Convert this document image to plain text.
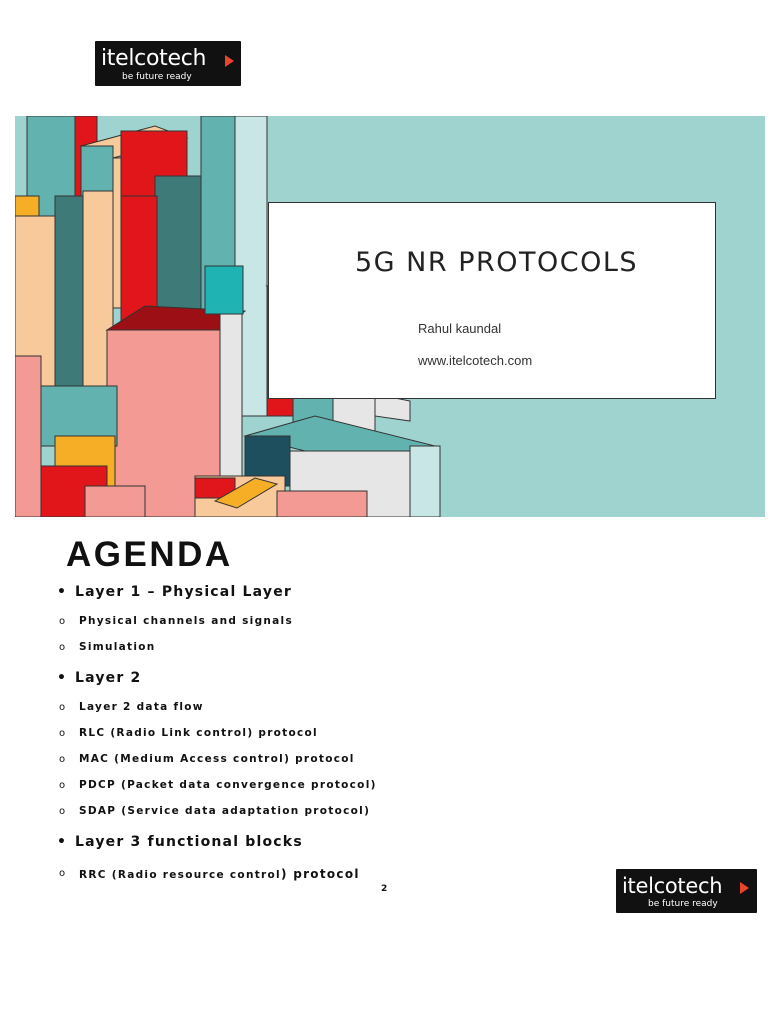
itelcotech
be future ready
5G NR PROTOCOLS
Rahul kaundal
www.itelcotech.com
AGENDA
• Layer 1 – Physical Layer
o Physical channels and signals
o Simulation
• Layer 2
o Layer 2 data flow
o RLC (Radio Link control) protocol
o MAC (Medium Access control) protocol
o PDCP (Packet data convergence protocol)
o SDAP (Service data adaptation protocol)
• Layer 3 functional blocks
o RRC (Radio resource control) protocol
2	itelcotech
be future ready
